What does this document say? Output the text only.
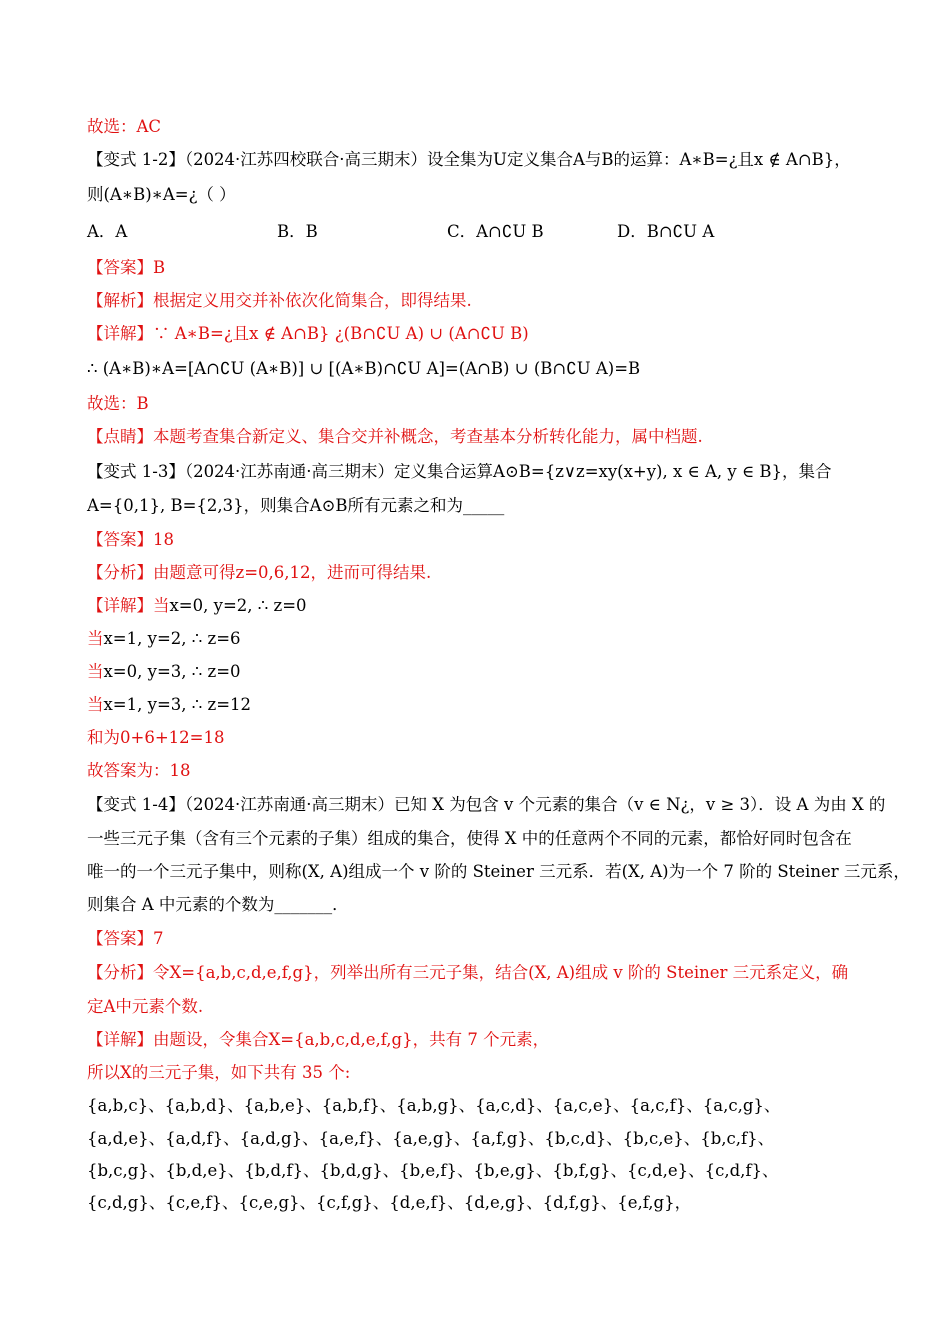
故选：AC
【变式 1-2】（2024·江苏四校联合·高三期末）设全集为U定义集合A与B的运算：A∗B=¿且x ∉ A∩B}，
则(A∗B)∗A=¿（ ）
A．A	B．B	C．A∩∁U B	D．B∩∁U A
【答案】B
【解析】根据定义用交并补依次化简集合，即得结果.
【详解】∵ A∗B=¿且x ∉ A∩B} ¿(B∩∁U A) ∪ (A∩∁U B)
∴ (A∗B)∗A=[A∩∁U (A∗B)] ∪ [(A∗B)∩∁U A]=(A∩B) ∪ (B∩∁U A)=B
故选：B
【点睛】本题考查集合新定义、集合交并补概念，考查基本分析转化能力，属中档题.
【变式 1-3】（2024·江苏南通·高三期末）定义集合运算A⊙B={z∨z=xy(x+y), x ∈ A, y ∈ B}，集合
A={0,1}, B={2,3}，则集合A⊙B所有元素之和为_____
【答案】18
【分析】由题意可得z=0,6,12，进而可得结果.
【详解】当x=0, y=2, ∴ z=0
当x=1, y=2, ∴ z=6
当x=0, y=3, ∴ z=0
当x=1, y=3, ∴ z=12
和为0+6+12=18
故答案为：18
【变式 1-4】（2024·江苏南通·高三期末）已知 X 为包含 v 个元素的集合（v ∈ N¿，v ≥ 3）．设 A 为由 X 的
一些三元子集（含有三个元素的子集）组成的集合，使得 X 中的任意两个不同的元素，都恰好同时包含在
唯一的一个三元子集中，则称(X, A)组成一个 v 阶的 Steiner 三元系．若(X, A)为一个 7 阶的 Steiner 三元系，
则集合 A 中元素的个数为_______．
【答案】7
【分析】令X={a,b,c,d,e,f,g}，列举出所有三元子集，结合(X, A)组成 v 阶的 Steiner 三元系定义，确
定A中元素个数.
【详解】由题设，令集合X={a,b,c,d,e,f,g}，共有 7 个元素，
所以X的三元子集，如下共有 35 个:
{a,b,c}、{a,b,d}、{a,b,e}、{a,b,f}、{a,b,g}、{a,c,d}、{a,c,e}、{a,c,f}、{a,c,g}、
{a,d,e}、{a,d,f}、{a,d,g}、{a,e,f}、{a,e,g}、{a,f,g}、{b,c,d}、{b,c,e}、{b,c,f}、
{b,c,g}、{b,d,e}、{b,d,f}、{b,d,g}、{b,e,f}、{b,e,g}、{b,f,g}、{c,d,e}、{c,d,f}、
{c,d,g}、{c,e,f}、{c,e,g}、{c,f,g}、{d,e,f}、{d,e,g}、{d,f,g}、{e,f,g}，
